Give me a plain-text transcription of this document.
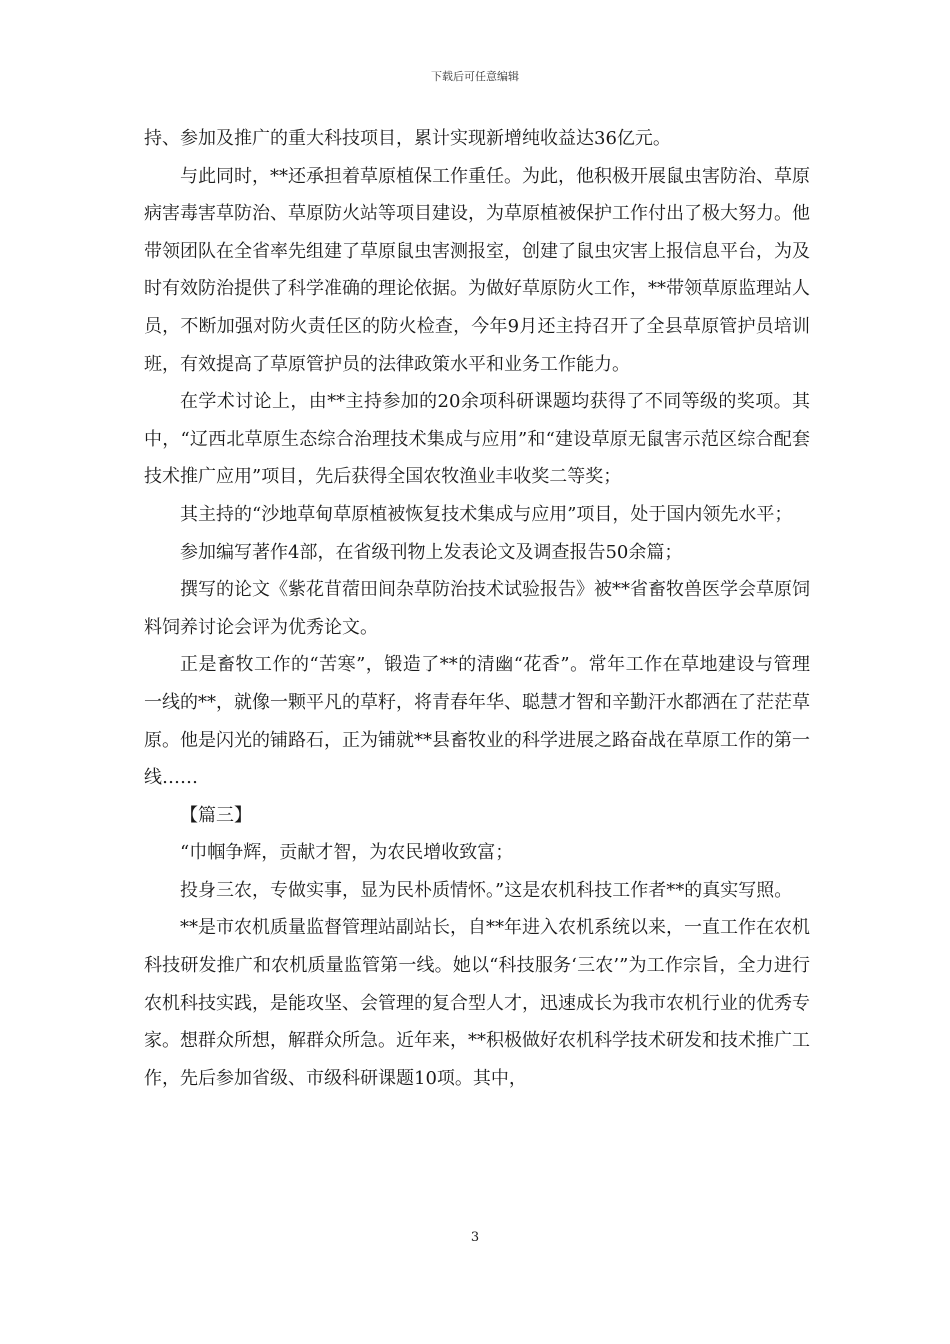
下载后可任意编辑

持、参加及推广的重大科技项目，累计实现新增纯收益达36亿元。

与此同时，**还承担着草原植保工作重任。为此，他积极开展鼠虫害防治、草原病害毒害草防治、草原防火站等项目建设，为草原植被保护工作付出了极大努力。他带领团队在全省率先组建了草原鼠虫害测报室，创建了鼠虫灾害上报信息平台，为及时有效防治提供了科学准确的理论依据。为做好草原防火工作，**带领草原监理站人员，不断加强对防火责任区的防火检查，今年9月还主持召开了全县草原管护员培训班，有效提高了草原管护员的法律政策水平和业务工作能力。

在学术讨论上，由**主持参加的20余项科研课题均获得了不同等级的奖项。其中，“辽西北草原生态综合治理技术集成与应用”和“建设草原无鼠害示范区综合配套技术推广应用”项目，先后获得全国农牧渔业丰收奖二等奖；

其主持的“沙地草甸草原植被恢复技术集成与应用”项目，处于国内领先水平；

参加编写著作4部，在省级刊物上发表论文及调查报告50余篇；

撰写的论文《紫花苜蓿田间杂草防治技术试验报告》被**省畜牧兽医学会草原饲料饲养讨论会评为优秀论文。

正是畜牧工作的“苦寒”，锻造了**的清幽“花香”。常年工作在草地建设与管理一线的**，就像一颗平凡的草籽，将青春年华、聪慧才智和辛勤汗水都洒在了茫茫草原。他是闪光的铺路石，正为铺就**县畜牧业的科学进展之路奋战在草原工作的第一线……

【篇三】

“巾帼争辉，贡献才智，为农民增收致富；

投身三农，专做实事，显为民朴质情怀。”这是农机科技工作者**的真实写照。

**是市农机质量监督管理站副站长，自**年进入农机系统以来，一直工作在农机科技研发推广和农机质量监管第一线。她以“科技服务‘三农’”为工作宗旨，全力进行农机科技实践，是能攻坚、会管理的复合型人才，迅速成长为我市农机行业的优秀专家。想群众所想，解群众所急。近年来，**积极做好农机科学技术研发和技术推广工作，先后参加省级、市级科研课题10项。其中，

3
